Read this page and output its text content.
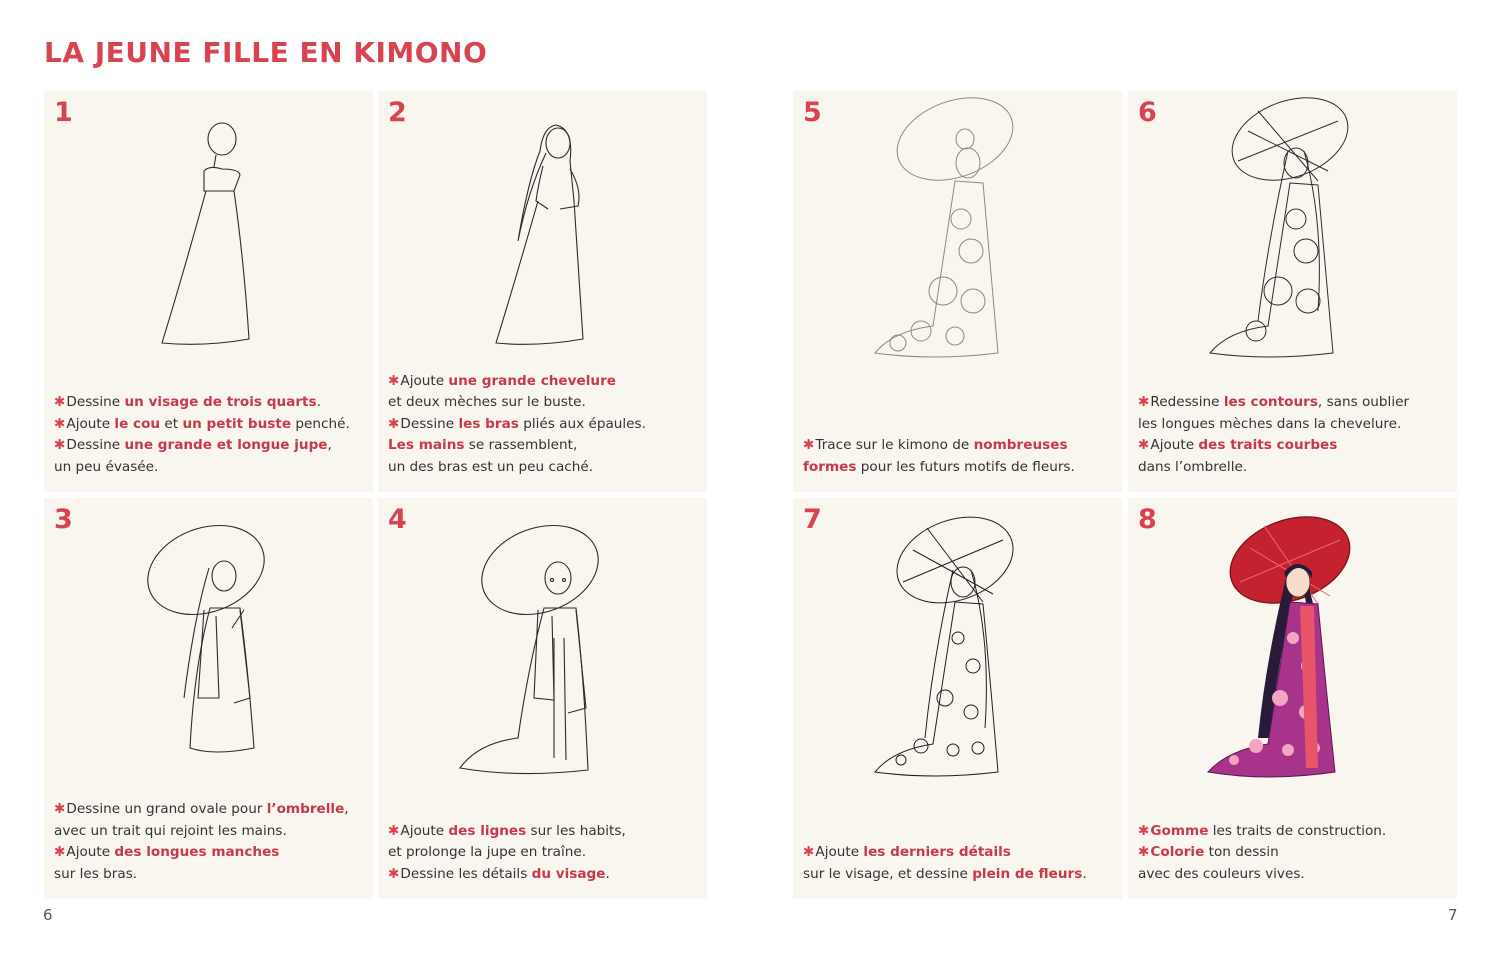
LA JEUNE FILLE EN KIMONO
1

✱Dessine un visage de trois quarts.

✱Ajoute le cou et un petit buste penché.

✱Dessine une grande et longue jupe,

un peu évasée.

2

✱Ajoute une grande chevelure

et deux mèches sur le buste.

✱Dessine les bras pliés aux épaules.

Les mains se rassemblent,

un des bras est un peu caché.

3

✱Dessine un grand ovale pour l’ombrelle,

avec un trait qui rejoint les mains.

✱Ajoute des longues manches

sur les bras.

4

✱Ajoute des lignes sur les habits,

et prolonge la jupe en traîne.

✱Dessine les détails du visage.

5

✱Trace sur le kimono de nombreuses

formes pour les futurs motifs de fleurs.

6

✱Redessine les contours, sans oublier

les longues mèches dans la chevelure.

✱Ajoute des traits courbes

dans l’ombrelle.

7

✱Ajoute les derniers détails

sur le visage, et dessine plein de fleurs.

8

✱Gomme les traits de construction.

✱Colorie ton dessin

avec des couleurs vives.

6	7
